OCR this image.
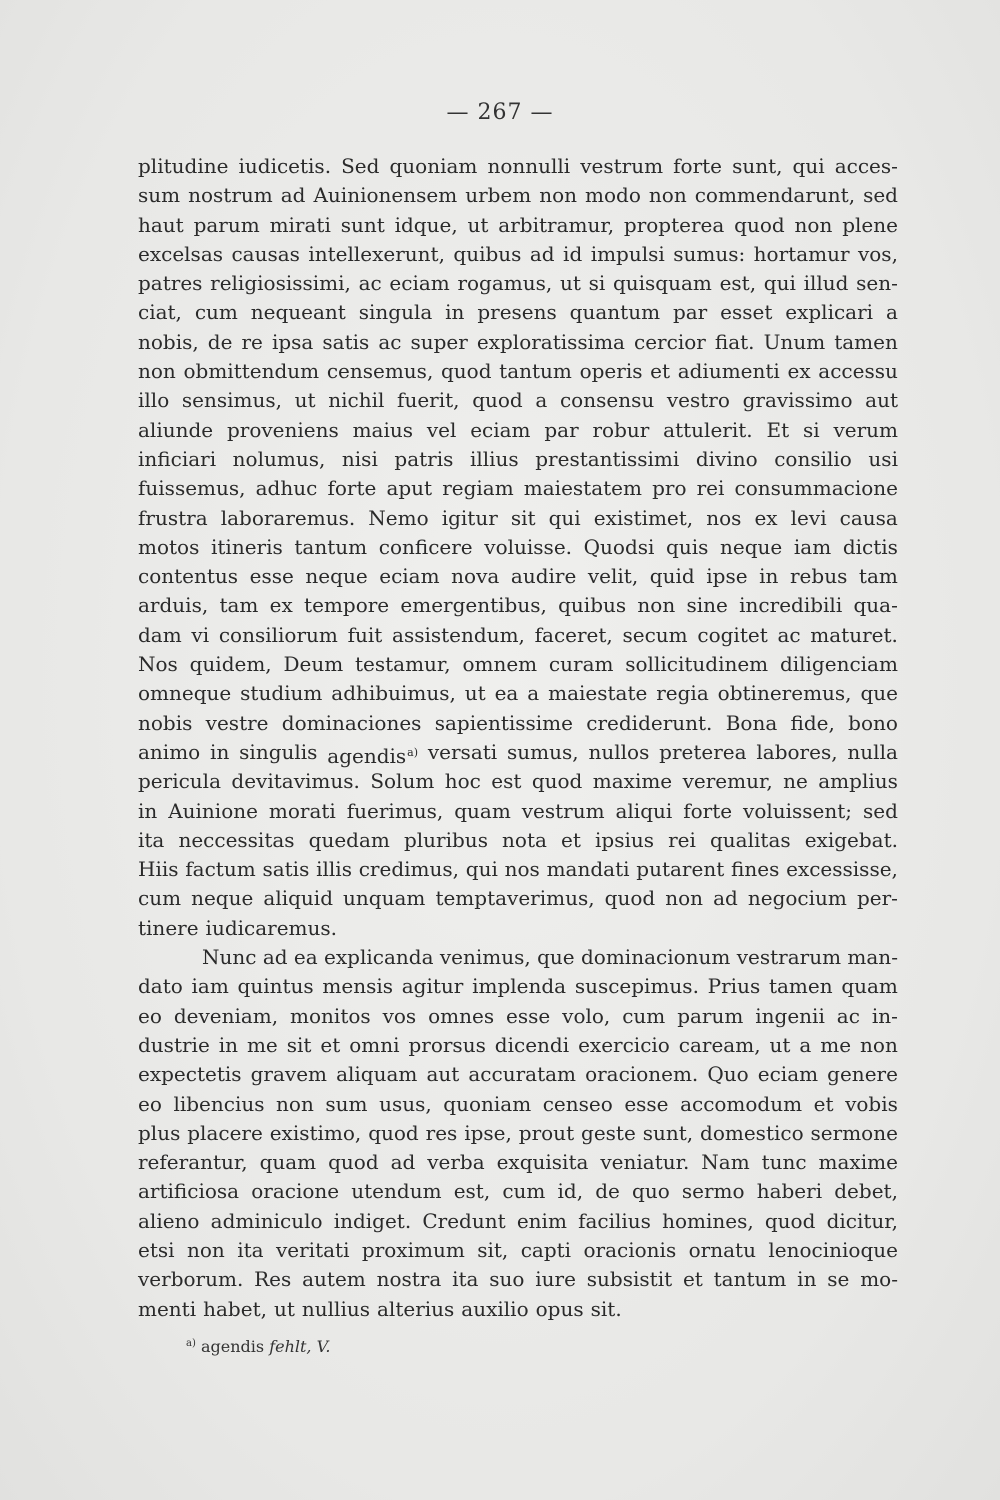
— 267 —
plitudine iudicetis. Sed quoniam nonnulli vestrum forte sunt, qui acces-
sum nostrum ad Auinionensem urbem non modo non commendarunt, sed
haut parum mirati sunt idque, ut arbitramur, propterea quod non plene
excelsas causas intellexerunt, quibus ad id impulsi sumus: hortamur vos,
patres religiosissimi, ac eciam rogamus, ut si quisquam est, qui illud sen-
ciat, cum nequeant singula in presens quantum par esset explicari a
nobis, de re ipsa satis ac super exploratissima cercior fiat. Unum tamen
non obmittendum censemus, quod tantum operis et adiumenti ex accessu
illo sensimus, ut nichil fuerit, quod a consensu vestro gravissimo aut
aliunde proveniens maius vel eciam par robur attulerit. Et si verum
inficiari nolumus, nisi patris illius prestantissimi divino consilio usi
fuissemus, adhuc forte aput regiam maiestatem pro rei consummacione
frustra laboraremus. Nemo igitur sit qui existimet, nos ex levi causa
motos itineris tantum conficere voluisse. Quodsi quis neque iam dictis
contentus esse neque eciam nova audire velit, quid ipse in rebus tam
arduis, tam ex tempore emergentibus, quibus non sine incredibili qua-
dam vi consiliorum fuit assistendum, faceret, secum cogitet ac maturet.
Nos quidem, Deum testamur, omnem curam sollicitudinem diligenciam
omneque studium adhibuimus, ut ea a maiestate regia obtineremus, que
nobis vestre dominaciones sapientissime crediderunt. Bona fide, bono
animo in singulis agendis$^{a)}$ versati sumus, nullos preterea labores, nulla
pericula devitavimus. Solum hoc est quod maxime veremur, ne amplius
in Auinione morati fuerimus, quam vestrum aliqui forte voluissent; sed
ita neccessitas quedam pluribus nota et ipsius rei qualitas exigebat.
Hiis factum satis illis credimus, qui nos mandati putarent fines excessisse,
cum neque aliquid unquam temptaverimus, quod non ad negocium per-
tinere iudicaremus.
Nunc ad ea explicanda venimus, que dominacionum vestrarum man-
dato iam quintus mensis agitur implenda suscepimus. Prius tamen quam
eo deveniam, monitos vos omnes esse volo, cum parum ingenii ac in-
dustrie in me sit et omni prorsus dicendi exercicio caream, ut a me non
expectetis gravem aliquam aut accuratam oracionem. Quo eciam genere
eo libencius non sum usus, quoniam censeo esse accomodum et vobis
plus placere existimo, quod res ipse, prout geste sunt, domestico sermone
referantur, quam quod ad verba exquisita veniatur. Nam tunc maxime
artificiosa oracione utendum est, cum id, de quo sermo haberi debet,
alieno adminiculo indiget. Credunt enim facilius homines, quod dicitur,
etsi non ita veritati proximum sit, capti oracionis ornatu lenocinioque
verborum. Res autem nostra ita suo iure subsistit et tantum in se mo-
menti habet, ut nullius alterius auxilio opus sit.
$^{a)}$ agendis fehlt, V.
